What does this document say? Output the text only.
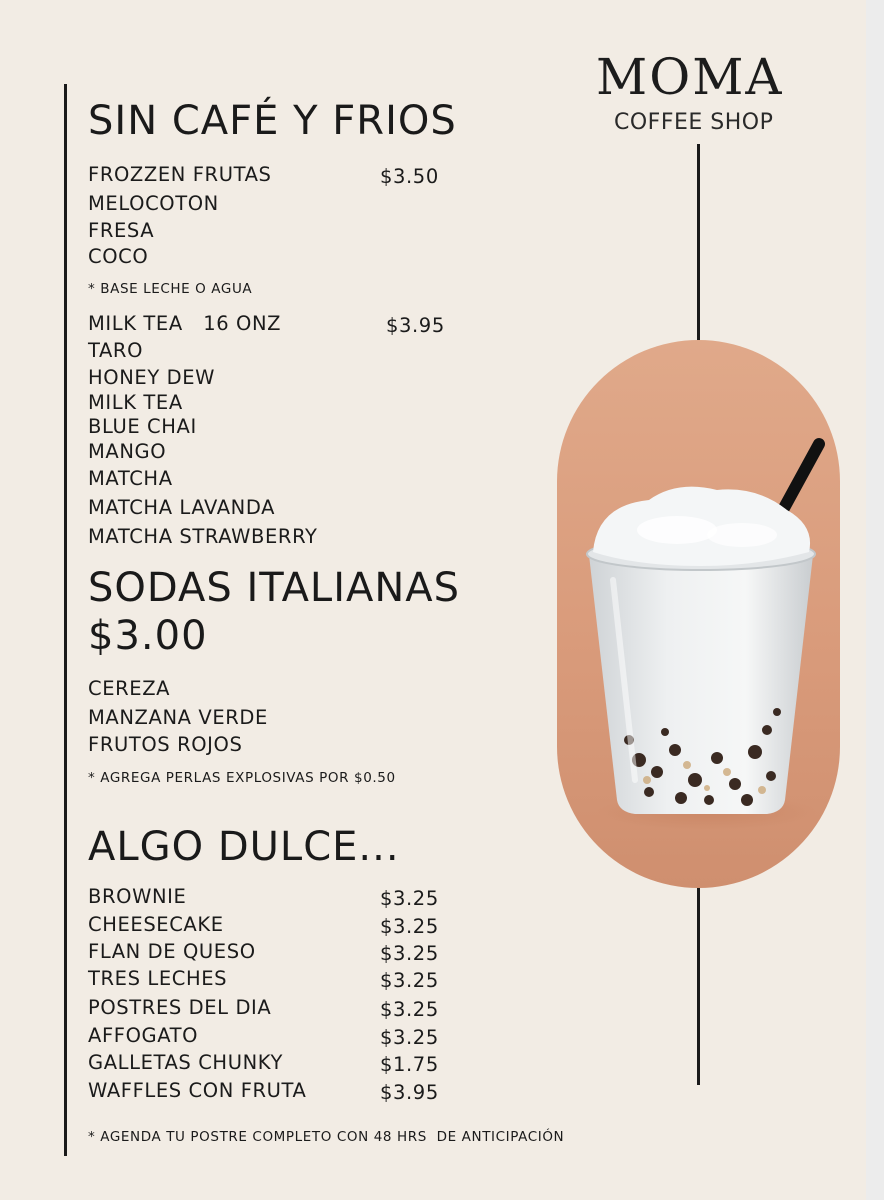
MOMA
COFFEE SHOP
SIN CAFÉ Y FRIOS
FROZZEN FRUTAS	$3.50
MELOCOTON
FRESA
COCO
* BASE LECHE O AGUA
MILK TEA   16 ONZ	$3.95
TARO
HONEY DEW
MILK TEA
BLUE CHAI
MANGO
MATCHA
MATCHA LAVANDA
MATCHA STRAWBERRY
SODAS ITALIANAS
$3.00
CEREZA
MANZANA VERDE
FRUTOS ROJOS
* AGREGA PERLAS EXPLOSIVAS POR $0.50
ALGO DULCE...
BROWNIE	$3.25
CHEESECAKE	$3.25
FLAN DE QUESO	$3.25
TRES LECHES	$3.25
POSTRES DEL DIA	$3.25
AFFOGATO	$3.25
GALLETAS CHUNKY	$1.75
WAFFLES CON FRUTA	$3.95
* AGENDA TU POSTRE COMPLETO CON 48 HRS  DE ANTICIPACIÓN
